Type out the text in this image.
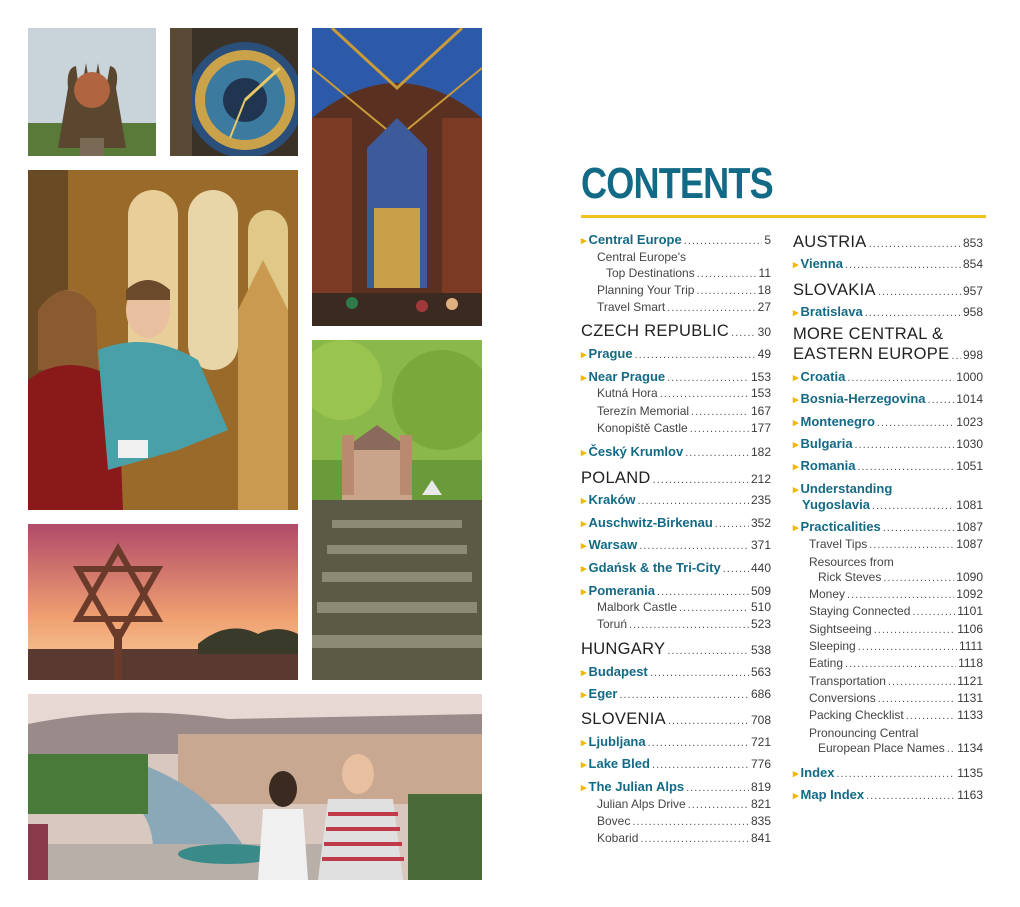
CONTENTS
▸ Central Europe .....	5
Central Europe's
Top Destinations .....	11
Planning Your Trip .....	18
Travel Smart .....	27
CZECH REPUBLIC ..... 30
▸ Prague .....	49
▸ Near Prague .....	153
Kutná Hora .....	153
Terezín Memorial .....	167
Konopiště Castle .....	177
▸ Český Krumlov .....	182
POLAND .....	212
▸ Kraków .....	235
▸ Auschwitz-Birkenau .....	352
▸ Warsaw .....	371
▸ Gdańsk & the Tri-City .....	440
▸ Pomerania .....	509
Malbork Castle .....	510
Toruń .....	523
HUNGARY .....	538
▸ Budapest .....	563
▸ Eger .....	686
SLOVENIA .....	708
▸ Ljubljana .....	721
▸ Lake Bled .....	776
▸ The Julian Alps .....	819
Julian Alps Drive .....	821
Bovec .....	835
Kobarid .....	841
AUSTRIA .....	853
▸ Vienna .....	854
SLOVAKIA .....	957
▸ Bratislava .....	958
MORE CENTRAL &
EASTERN EUROPE ..... 998
▸ Croatia .....	1000
▸ Bosnia-Herzegovina .....	1014
▸ Montenegro .....	1023
▸ Bulgaria .....	1030
▸ Romania .....	1051
▸ Understanding
Yugoslavia .....	1081
▸ Practicalities .....	1087
Travel Tips .....	1087
Resources from
Rick Steves .....	1090
Money .....	1092
Staying Connected .....	1101
Sightseeing .....	1106
Sleeping .....	1111
Eating .....	1118
Transportation .....	1121
Conversions .....	1131
Packing Checklist .....	1133
Pronouncing Central
European Place Names ..... 1134
▸ Index .....	1135
▸ Map Index .....	1163
